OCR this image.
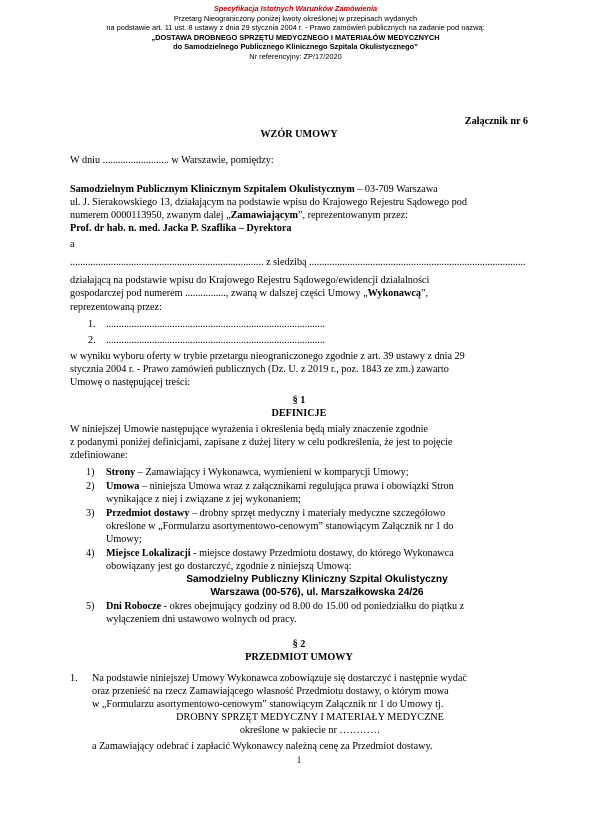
Specyfikacja Istotnych Warunków Zamówienia
Przetarg Nieograniczony poniżej kwoty określonej w przepisach wydanych
na podstawie art. 11 ust. 8 ustawy z dnia 29 stycznia 2004 r. - Prawo zamówień publicznych na zadanie pod nazwą:
„DOSTAWA DROBNEGO SPRZĘTU MEDYCZNEGO I MATERIAŁÓW MEDYCZNYCH
do Samodzielnego Publicznego Klinicznego Szpitala Okulistycznego”
Nr referencyjny: ZP/17/2020
Załącznik nr 6
WZÓR UMOWY
W dniu .......................... w Warszawie, pomiędzy:
Samodzielnym Publicznym Klinicznym Szpitalem Okulistycznym – 03-709 Warszawa
ul. J. Sierakowskiego 13, działającym na podstawie wpisu do Krajowego Rejestru Sądowego pod
numerem 0000113950, zwanym dalej „Zamawiającym”, reprezentowanym przez:
Prof. dr hab. n. med. Jacka P. Szaflika – Dyrektora
a
............................................................................ z siedzibą .....................................................................................
działającą na podstawie wpisu do Krajowego Rejestru Sądowego/ewidencji działalności
gospodarczej pod numerem ................, zwaną w dalszej części Umowy „Wykonawcą”,
reprezentowaną przez:
1. ......................................................................................
2. ......................................................................................
w wyniku wyboru oferty w trybie przetargu nieograniczonego zgodnie z art. 39 ustawy z dnia 29
stycznia 2004 r. - Prawo zamówień publicznych (Dz. U. z 2019 r., poz. 1843 ze zm.) zawarto
Umowę o następującej treści:
§ 1
DEFINICJE
W niniejszej Umowie następujące wyrażenia i określenia będą miały znaczenie zgodnie
z podanymi poniżej definicjami, zapisane z dużej litery w celu podkreślenia, że jest to pojęcie
zdefiniowane:
1) Strony – Zamawiający i Wykonawca, wymienieni w komparycji Umowy;
2) Umowa – niniejsza Umowa wraz z załącznikami regulująca prawa i obowiązki Stron
wynikające z niej i związane z jej wykonaniem;
3) Przedmiot dostawy – drobny sprzęt medyczny i materiały medyczne szczegółowo
określone w „Formularzu asortymentowo-cenowym” stanowiącym Załącznik nr 1 do
Umowy;
4) Miejsce Lokalizacji - miejsce dostawy Przedmiotu dostawy, do którego Wykonawca
obowiązany jest go dostarczyć, zgodnie z niniejszą Umową:
Samodzielny Publiczny Kliniczny Szpital Okulistyczny
Warszawa (00-576), ul. Marszałkowska 24/26
5) Dni Robocze - okres obejmujący godziny od 8.00 do 15.00 od poniedziałku do piątku z
wyłączeniem dni ustawowo wolnych od pracy.
§ 2
PRZEDMIOT UMOWY
1. Na podstawie niniejszej Umowy Wykonawca zobowiązuje się dostarczyć i następnie wydać
oraz przenieść na rzecz Zamawiającego własność Przedmiotu dostawy, o którym mowa
w „Formularzu asortymentowo-cenowym” stanowiącym Załącznik nr 1 do Umowy tj.
DROBNY SPRZĘT MEDYCZNY I MATERIAŁY MEDYCZNE
określone w pakiecie nr …………
a Zamawiający odebrać i zapłacić Wykonawcy należną cenę za Przedmiot dostawy.
1
